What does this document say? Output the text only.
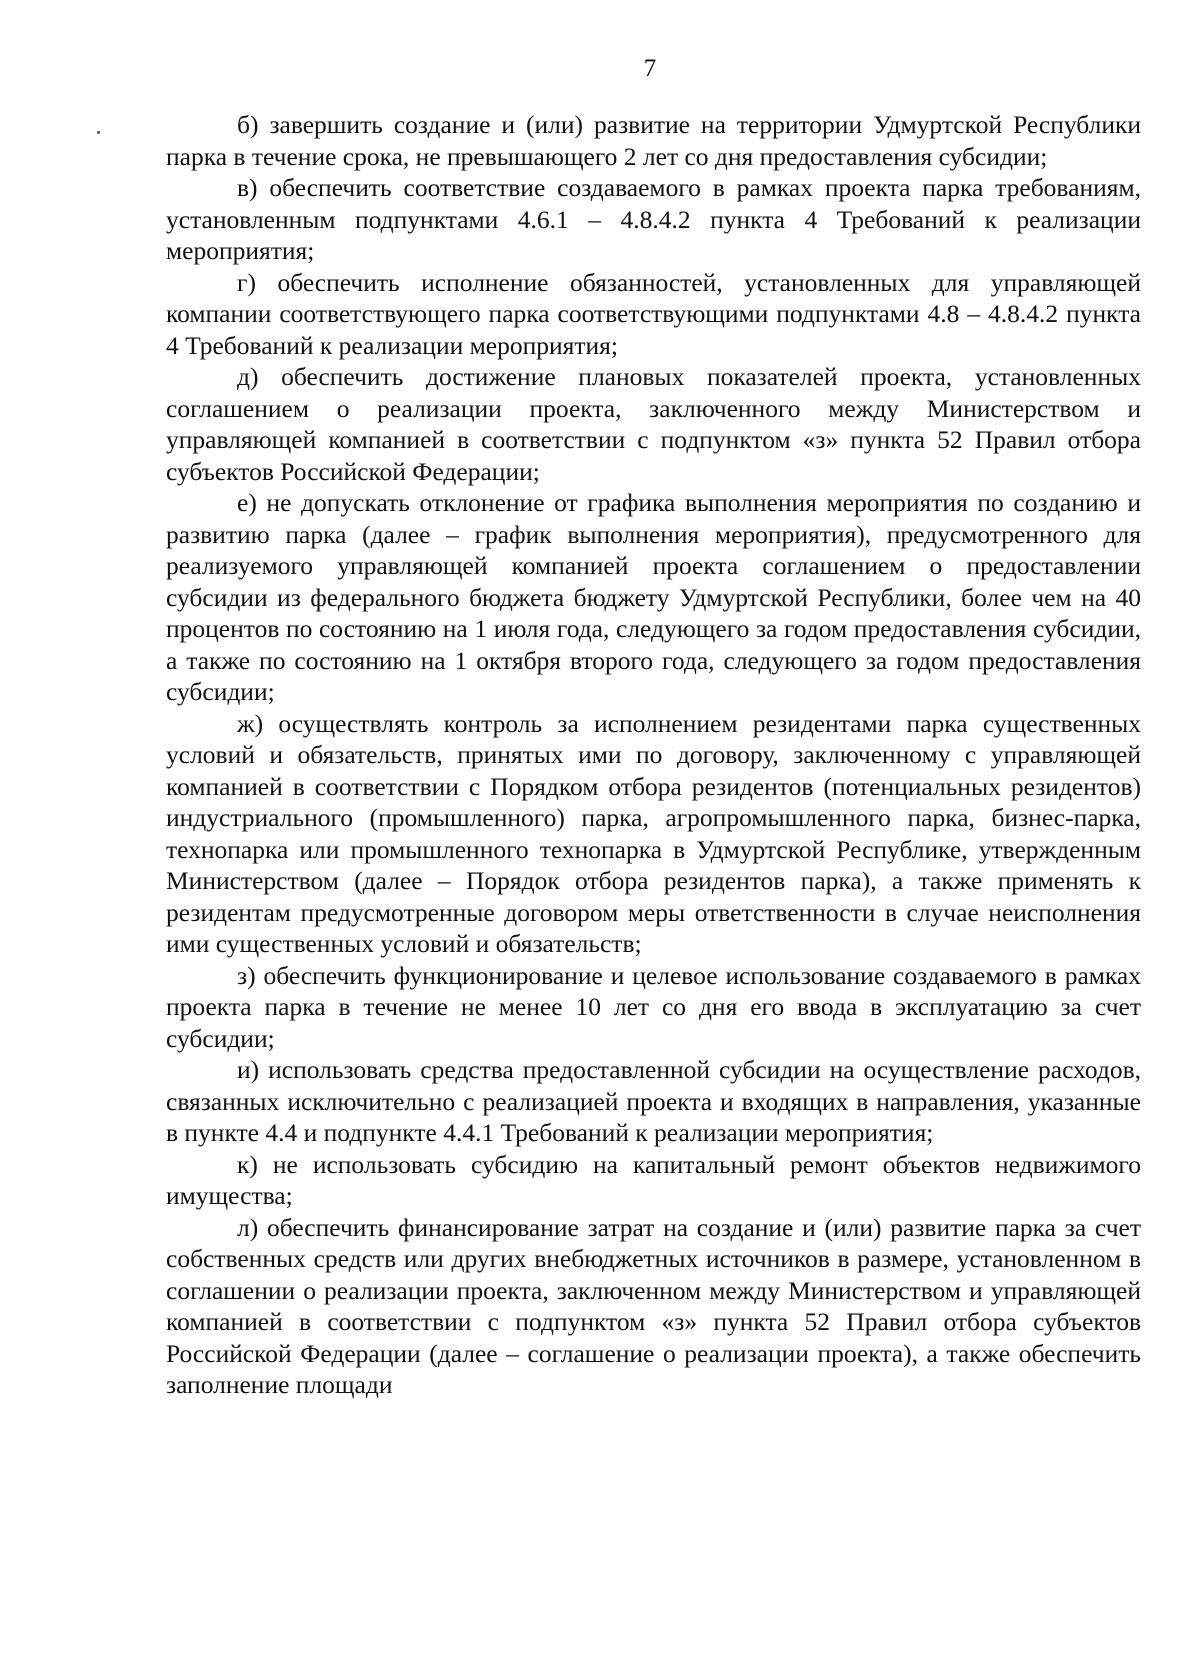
7

б) завершить создание и (или) развитие на территории Удмуртской Республики парка в течение срока, не превышающего 2 лет со дня предоставления субсидии;

в) обеспечить соответствие создаваемого в рамках проекта парка требованиям, установленным подпунктами 4.6.1 – 4.8.4.2 пункта 4 Требований к реализации мероприятия;

г) обеспечить исполнение обязанностей, установленных для управляющей компании соответствующего парка соответствующими подпунктами 4.8 – 4.8.4.2 пункта 4 Требований к реализации мероприятия;

д) обеспечить достижение плановых показателей проекта, установленных соглашением о реализации проекта, заключенного между Министерством и управляющей компанией в соответствии с подпунктом «з» пункта 52 Правил отбора субъектов Российской Федерации;

е) не допускать отклонение от графика выполнения мероприятия по созданию и развитию парка (далее – график выполнения мероприятия), предусмотренного для реализуемого управляющей компанией проекта соглашением о предоставлении субсидии из федерального бюджета бюджету Удмуртской Республики, более чем на 40 процентов по состоянию на 1 июля года, следующего за годом предоставления субсидии, а также по состоянию на 1 октября второго года, следующего за годом предоставления субсидии;

ж) осуществлять контроль за исполнением резидентами парка существенных условий и обязательств, принятых ими по договору, заключенному с управляющей компанией в соответствии с Порядком отбора резидентов (потенциальных резидентов) индустриального (промышленного) парка, агропромышленного парка, бизнес-парка, технопарка или промышленного технопарка в Удмуртской Республике, утвержденным Министерством (далее – Порядок отбора резидентов парка), а также применять к резидентам предусмотренные договором меры ответственности в случае неисполнения ими существенных условий и обязательств;

з) обеспечить функционирование и целевое использование создаваемого в рамках проекта парка в течение не менее 10 лет со дня его ввода в эксплуатацию за счет субсидии;

и) использовать средства предоставленной субсидии на осуществление расходов, связанных исключительно с реализацией проекта и входящих в направления, указанные в пункте 4.4 и подпункте 4.4.1 Требований к реализации мероприятия;

к) не использовать субсидию на капитальный ремонт объектов недвижимого имущества;

л) обеспечить финансирование затрат на создание и (или) развитие парка за счет собственных средств или других внебюджетных источников в размере, установленном в соглашении о реализации проекта, заключенном между Министерством и управляющей компанией в соответствии с подпунктом «з» пункта 52 Правил отбора субъектов Российской Федерации (далее – соглашение о реализации проекта), а также обеспечить заполнение площади
